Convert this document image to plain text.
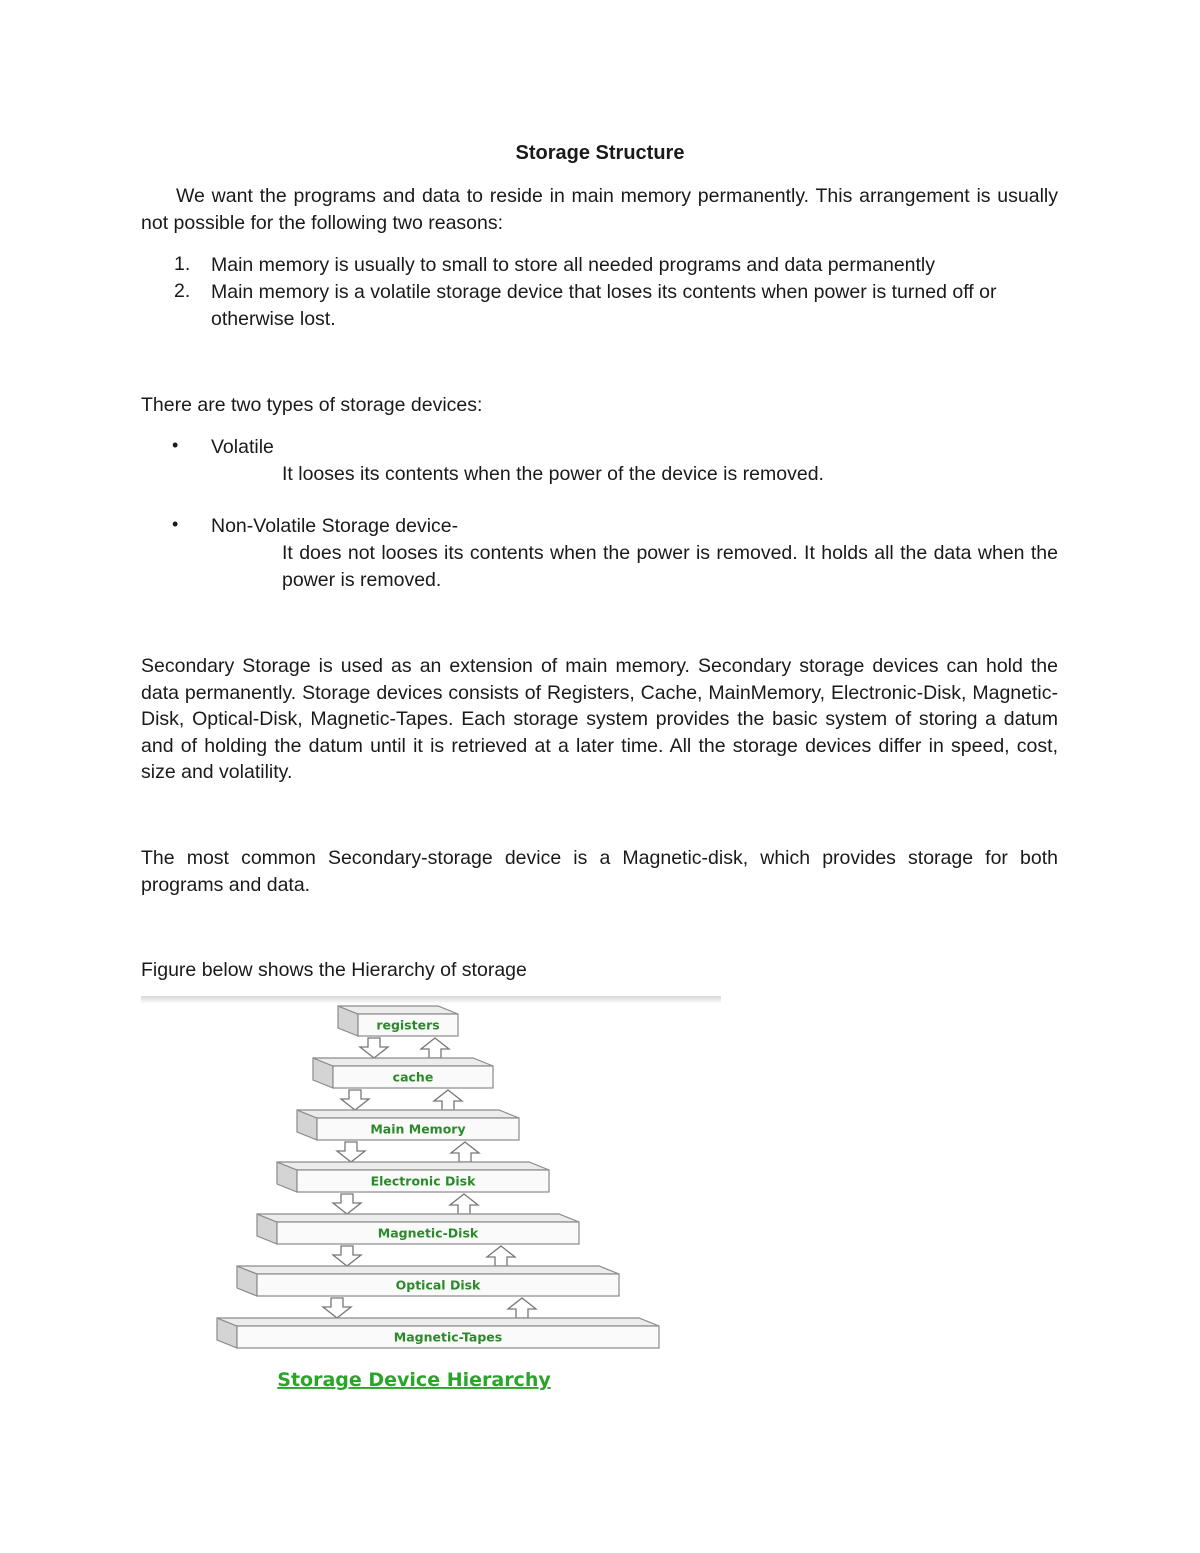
Storage Structure
We want the programs and data to reside in main memory permanently. This arrangement is usually not possible for the following two reasons:
1. Main memory is usually to small to store all needed programs and data permanently
2. Main memory is a volatile storage device that loses its contents when power is turned off or otherwise lost.
There are two types of storage devices:
• Volatile
It looses its contents when the power of the device is removed.
• Non-Volatile Storage device-
It does not looses its contents when the power is removed. It holds all the data when the power is removed.
Secondary Storage is used as an extension of main memory. Secondary storage devices can hold the data permanently. Storage devices consists of Registers, Cache, MainMemory, Electronic-Disk, Magnetic-Disk, Optical-Disk, Magnetic-Tapes. Each storage system provides the basic system of storing a datum and of holding the datum until it is retrieved at a later time. All the storage devices differ in speed, cost, size and volatility.
The most common Secondary-storage device is a Magnetic-disk, which provides storage for both programs and data.
Figure below shows the Hierarchy of storage
registers
cache
Main Memory
Electronic Disk
Magnetic-Disk
Optical Disk
Magnetic-Tapes
Storage Device Hierarchy
